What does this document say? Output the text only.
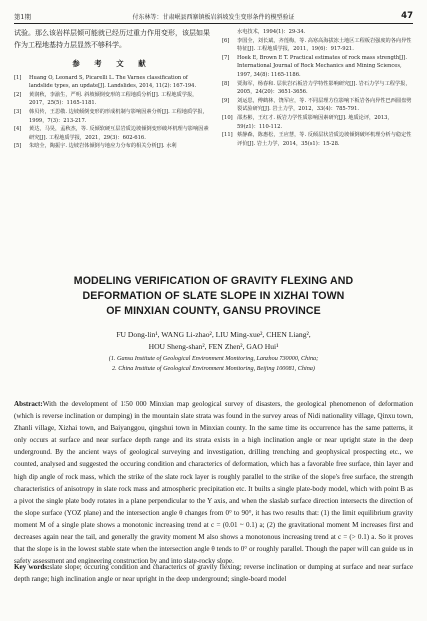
第1期	付东林等：甘肃岷县西寨镇板岩斜坡发生变形条件的模型验证	47

试验。那么该岩样层倾可能就已经历过重力作用变形，该层如果作为工程地基持力层显然不够科学。

参 考 文 献
[1]	Huang O, Leonard S, Picarelli L. The Varnes classification of landslide types, an update[J]. Landslides, 2014, 11(2): 167-194.
[2]	黄润秋，李渝生，严明. 斜坡倾倒变形的工程地质分析[J]. 工程地质学报，2017，25(5)：1165-1181.
[3]	韩贝传，王思敬. 边坡倾倒变形的形成机制与影响因素分析[J]. 工程地质学报，1999，7(3)：213-217.
[4]	黄达，马昊，孟秋杰，等. 反倾软硬互层岩质边坡倾倒变形破坏机理与影响因素研究[J]. 工程地质学报，2021，29(3)：602-616.
[5]	朱晗全，陶振宇. 边坡岩体倾倒与地应力分布的相关分析[J]. 水利
水电技术，1994(1)：29-34.
[6]	李国全，刘长斌，齐莲梅，等. 高寒高海拔冻土地区工程板岩强度的各向异性特征[J]. 工程地质学报，2011，19(6)：917-921.
[7]	Hoek E, Brown E T. Practical estimates of rock mass strength[J]. International Journal of Rock Mechanics and Mining Sciences, 1997, 34(8): 1165-1186.
[8]	贾海军，杨春和. 层状岩石板岩力学特性影响研究[J]. 岩石力学与工程学报，2005，24(20)：3651-3656.
[9]	刘运思，傅鹤林，饶军应，等. 不同层理方位影响下板岩各向异性巴西圆盘劈裂试验研究[J]. 岩土力学，2012，33(4)：785-791.
[10] 邵杰彬，王红才. 板岩力学性质影响因素研究[J]. 地质论评，2013，59(z1)：110-112.
[11] 蔡静森，陈惠松，王应慧，等. 反倾层状岩质边坡倾倒破坏机理分析与稳定性评价[J]. 岩土力学，2014，35(s1)：15-28.

MODELING VERIFICATION OF GRAVITY FLEXING AND
DEFORMATION OF SLATE SLOPE IN XIZHAI TOWN
OF MINXIAN COUNTY, GANSU PROVINCE

FU Dong-lin¹, WANG Li-zhao², LIU Ming-xue², CHEN Liang²,
HOU Sheng-shan², FEN Zhen², GAO Hui¹

(1. Gansu Institute of Geological Environment Monitoring, Lanzhou 730000, China;
2. China Institute of Geological Environment Monitoring, Beijing 100081, China)

Abstract:With the development of 1∶50 000 Minxian map geological survey of disasters, the geological phenomenon of deformation (which is reverse inclination or dumping) in the mountain slate strata was found in the survey areas of Nidi nationality village, Qinxu town, Zhanli village, Xizhai town, and Baiyanggou, qingshui town in Minxian county. In the same time its occurrence has the same patterns, it only occurs at surface and near surface depth range and its strata exists in a high inclination angle or near upright state in the deep underground. By the ancient ways of geological surveying and investigation, drilling trenching and geophysical prospecting etc., we counted, analysed and suggested the occuring condition and characterics of deformation, which has a favorable free surface, thin layer and high dip angle of rock mass, which the strike of the slate rock layer is roughly parallel to the strike of the slope's free surface, the strength characteristics of anisotropy in slate rock mass and atmospheric precipitation etc. It builts a single plate-body model, which with point B as a pivot the single plate body rotates in a plane perpendicular to the Y axis, and when the slaslab surface direction intersects the direction of the slope surface (YOZ plane) and the intersection angle θ changes from 0° to 90°, it has two results that: (1) the limit equilibrium gravity moment M of a single plate shows a monotonic increasing trend at c = (0.01 ~ 0.1) a; (2) the gravitational moment M increases first and decreases again near the tail, and generally the gravity moment M also shows a monotonous increasing trend at c = (> 0.1) a. So it proves that the slope is in the lowest stable state when the intersection angle θ tends to 0° or roughly parallel. Though the paper will can guide us in safety assessment and engineering construction by and into slate-rocky slope.

Key words:slate slope; occuring condition and characterics of gravity flexing; reverse inclination or dumping at surface and near surface depth range; high inclination angle or near upright in the deep underground; single-board model
